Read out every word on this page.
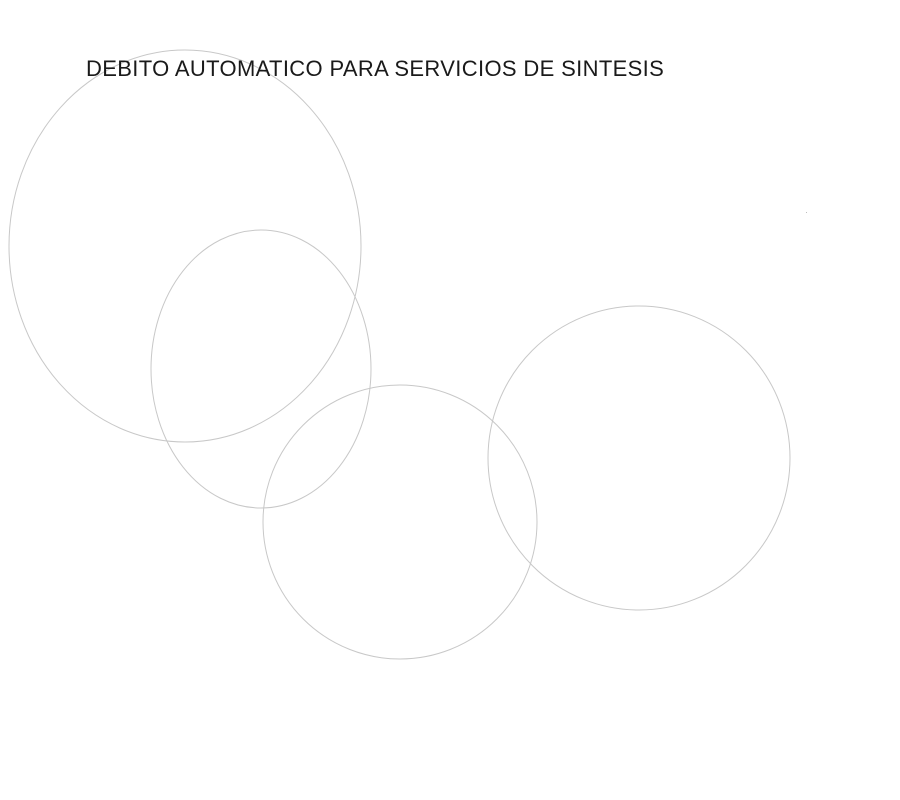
DEBITO AUTOMATICO PARA SERVICIOS DE SINTESIS
